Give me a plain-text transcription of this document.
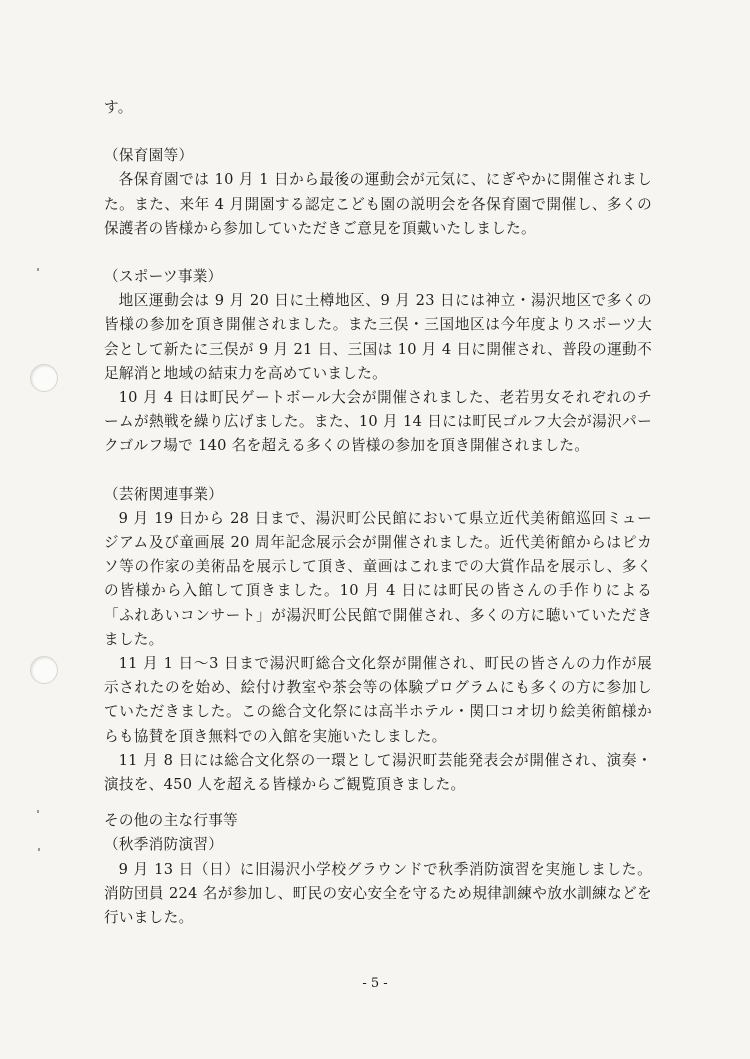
す。

（保育園等）

各保育園では 10 月 1 日から最後の運動会が元気に、にぎやかに開催されました。また、来年 4 月開園する認定こども園の説明会を各保育園で開催し、多くの保護者の皆様から参加していただきご意見を頂戴いたしました。

（スポーツ事業）

地区運動会は 9 月 20 日に土樽地区、9 月 23 日には神立・湯沢地区で多くの皆様の参加を頂き開催されました。また三俣・三国地区は今年度よりスポーツ大会として新たに三俣が 9 月 21 日、三国は 10 月 4 日に開催され、普段の運動不足解消と地域の結束力を高めていました。

10 月 4 日は町民ゲートボール大会が開催されました、老若男女それぞれのチームが熱戦を繰り広げました。また、10 月 14 日には町民ゴルフ大会が湯沢パークゴルフ場で 140 名を超える多くの皆様の参加を頂き開催されました。

（芸術関連事業）

9 月 19 日から 28 日まで、湯沢町公民館において県立近代美術館巡回ミュージアム及び童画展 20 周年記念展示会が開催されました。近代美術館からはピカソ等の作家の美術品を展示して頂き、童画はこれまでの大賞作品を展示し、多くの皆様から入館して頂きました。10 月 4 日には町民の皆さんの手作りによる「ふれあいコンサート」が湯沢町公民館で開催され、多くの方に聴いていただきました。

11 月 1 日～3 日まで湯沢町総合文化祭が開催され、町民の皆さんの力作が展示されたのを始め、絵付け教室や茶会等の体験プログラムにも多くの方に参加していただきました。この総合文化祭には高半ホテル・関口コオ切り絵美術館様からも協賛を頂き無料での入館を実施いたしました。

11 月 8 日には総合文化祭の一環として湯沢町芸能発表会が開催され、演奏・演技を、450 人を超える皆様からご観覧頂きました。

その他の主な行事等

（秋季消防演習）

9 月 13 日（日）に旧湯沢小学校グラウンドで秋季消防演習を実施しました。消防団員 224 名が参加し、町民の安心安全を守るため規律訓練や放水訓練などを行いました。

- 5 -
